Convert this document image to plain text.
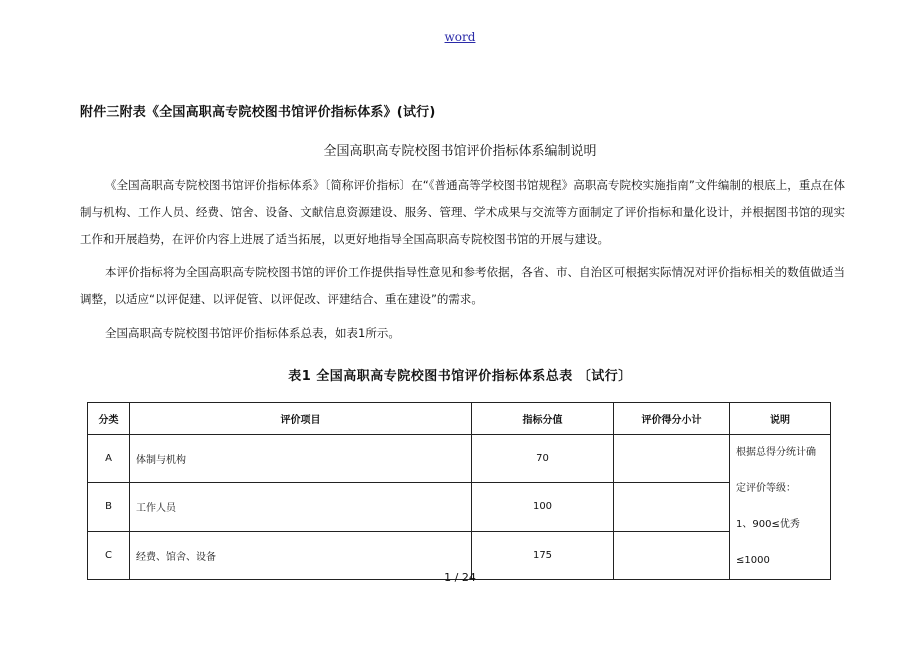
word
附件三附表《全国高职高专院校图书馆评价指标体系》(试行)
全国高职高专院校图书馆评价指标体系编制说明
《全国高职高专院校图书馆评价指标体系》〔简称评价指标〕在“《普通高等学校图书馆规程》高职高专院校实施指南”文件编制的根底上，重点在体制与机构、工作人员、经费、馆舍、设备、文献信息资源建设、服务、管理、学术成果与交流等方面制定了评价指标和量化设计，并根据图书馆的现实工作和开展趋势，在评价内容上进展了适当拓展，以更好地指导全国高职高专院校图书馆的开展与建设。
本评价指标将为全国高职高专院校图书馆的评价工作提供指导性意见和参考依据，各省、市、自治区可根据实际情况对评价指标相关的数值做适当调整，以适应“以评促建、以评促管、以评促改、评建结合、重在建设”的需求。
全国高职高专院校图书馆评价指标体系总表，如表1所示。
表1 全国高职高专院校图书馆评价指标体系总表 〔试行〕
分类	评价项目	指标分值	评价得分小计	说明
A	体制与机构	70		根据总得分统计确定评价等级：
1、900≤优秀≤1000

B	工作人员	100		
C	经费、馆舍、设备	175		
1 / 24
